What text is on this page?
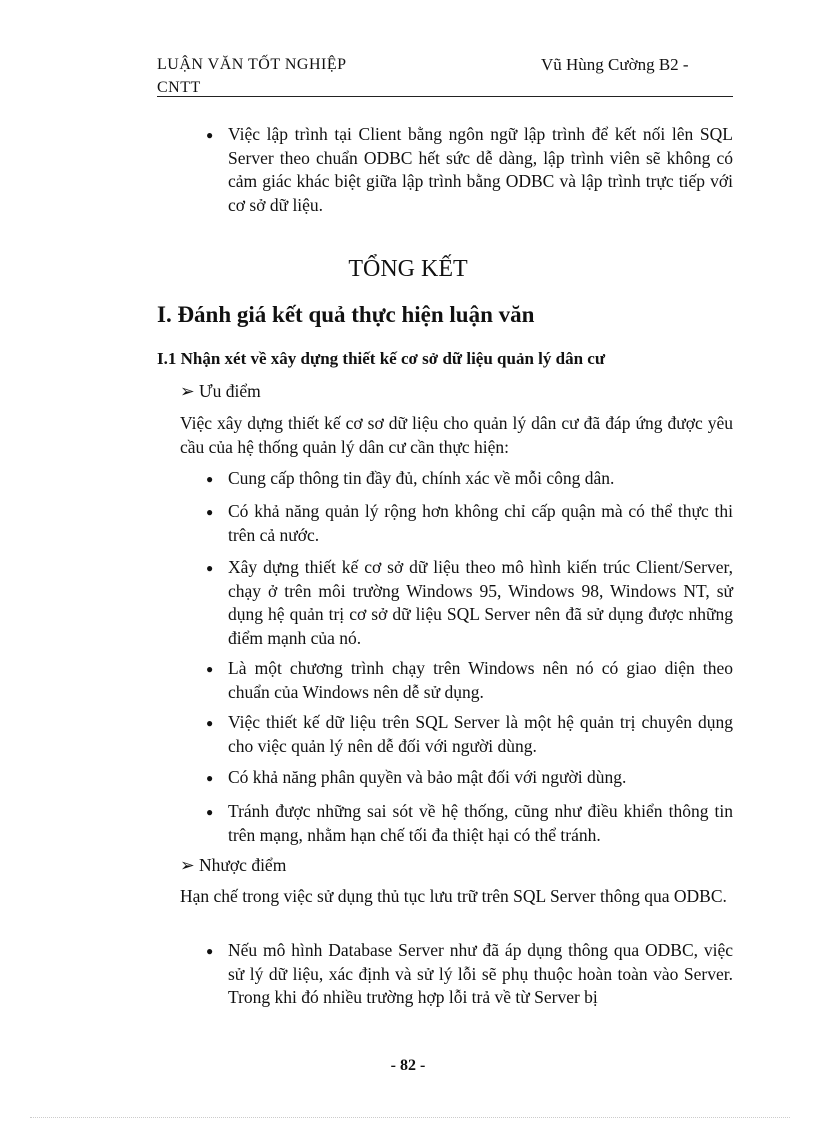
LUẬN VĂN TỐT NGHIỆP
CNTT
Vũ Hùng Cường B2 -
● Việc lập trình tại Client bằng ngôn ngữ lập trình để kết nối lên SQL Server theo chuẩn ODBC hết sức dễ dàng, lập trình viên sẽ không có cảm giác khác biệt giữa lập trình bằng ODBC và lập trình trực tiếp với cơ sở dữ liệu.
TỔNG KẾT
I. Đánh giá kết quả thực hiện luận văn
I.1 Nhận xét về xây dựng thiết kế cơ sở dữ liệu quản lý dân cư
➢ Ưu điểm
Việc xây dựng thiết kế cơ sơ dữ liệu cho quản lý dân cư đã đáp ứng được yêu cầu của hệ thống quản lý dân cư cần thực hiện:
● Cung cấp thông tin đầy đủ, chính xác về mỗi công dân.
● Có khả năng quản lý rộng hơn không chỉ cấp quận mà có thể thực thi trên cả nước.
● Xây dựng thiết kế cơ sở dữ liệu theo mô hình kiến trúc Client/Server, chạy ở trên môi trường Windows 95, Windows 98, Windows NT, sử dụng hệ quản trị cơ sở dữ liệu SQL Server nên đã sử dụng được những điểm mạnh của nó.
● Là một chương trình chạy trên Windows nên nó có giao diện theo chuẩn của Windows nên dễ sử dụng.
● Việc thiết kế dữ liệu trên SQL Server là một hệ quản trị chuyên dụng cho việc quản lý nên dễ đối với người dùng.
● Có khả năng phân quyền và bảo mật đối với người dùng.
● Tránh được những sai sót về hệ thống, cũng như điều khiển thông tin trên mạng, nhằm hạn chế tối đa thiệt hại có thể tránh.
➢ Nhược điểm
Hạn chế trong việc sử dụng thủ tục lưu trữ trên SQL Server thông qua ODBC.
● Nếu mô hình Database Server như đã áp dụng thông qua ODBC, việc sử lý dữ liệu, xác định và sử lý lỗi sẽ phụ thuộc hoàn toàn vào Server. Trong khi đó nhiều trường hợp lỗi trả về từ Server bị
- 82 -
